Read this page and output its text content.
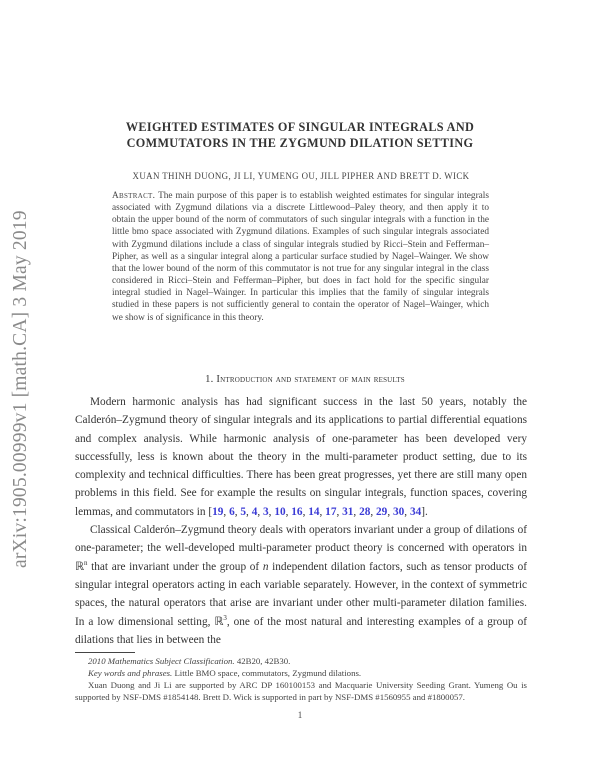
arXiv:1905.00999v1 [math.CA] 3 May 2019
WEIGHTED ESTIMATES OF SINGULAR INTEGRALS AND
COMMUTATORS IN THE ZYGMUND DILATION SETTING
XUAN THINH DUONG, JI LI, YUMENG OU, JILL PIPHER AND BRETT D. WICK
Abstract. The main purpose of this paper is to establish weighted estimates for singular integrals associated with Zygmund dilations via a discrete Littlewood–Paley theory, and then apply it to obtain the upper bound of the norm of commutators of such singular integrals with a function in the little bmo space associated with Zygmund dilations. Examples of such singular integrals associated with Zygmund dilations include a class of singular integrals studied by Ricci–Stein and Fefferman–Pipher, as well as a singular integral along a particular surface studied by Nagel–Wainger. We show that the lower bound of the norm of this commutator is not true for any singular integral in the class considered in Ricci–Stein and Fefferman–Pipher, but does in fact hold for the specific singular integral studied in Nagel–Wainger. In particular this implies that the family of singular integrals studied in these papers is not sufficiently general to contain the operator of Nagel–Wainger, which we show is of significance in this theory.
1. Introduction and statement of main results

Modern harmonic analysis has had significant success in the last 50 years, notably the Calderón–Zygmund theory of singular integrals and its applications to partial differential equations and complex analysis. While harmonic analysis of one-parameter has been developed very successfully, less is known about the theory in the multi-parameter product setting, due to its complexity and technical difficulties. There has been great progresses, yet there are still many open problems in this field. See for example the results on singular integrals, function spaces, covering lemmas, and commutators in [19, 6, 5, 4, 3, 10, 16, 14, 17, 31, 28, 29, 30, 34].

Classical Calderón–Zygmund theory deals with operators invariant under a group of dilations of one-parameter; the well-developed multi-parameter product theory is concerned with operators in ℝ$^n$ that are invariant under the group of n independent dilation factors, such as tensor products of singular integral operators acting in each variable separately. However, in the context of symmetric spaces, the natural operators that arise are invariant under other multi-parameter dilation families. In a low dimensional setting, ℝ$^3$, one of the most natural and interesting examples of a group of dilations that lies in between the

2010 Mathematics Subject Classification. 42B20, 42B30.

Key words and phrases. Little BMO space, commutators, Zygmund dilations.

Xuan Duong and Ji Li are supported by ARC DP 160100153 and Macquarie University Seeding Grant. Yumeng Ou is supported by NSF-DMS #1854148. Brett D. Wick is supported in part by NSF-DMS #1560955 and #1800057.

1
